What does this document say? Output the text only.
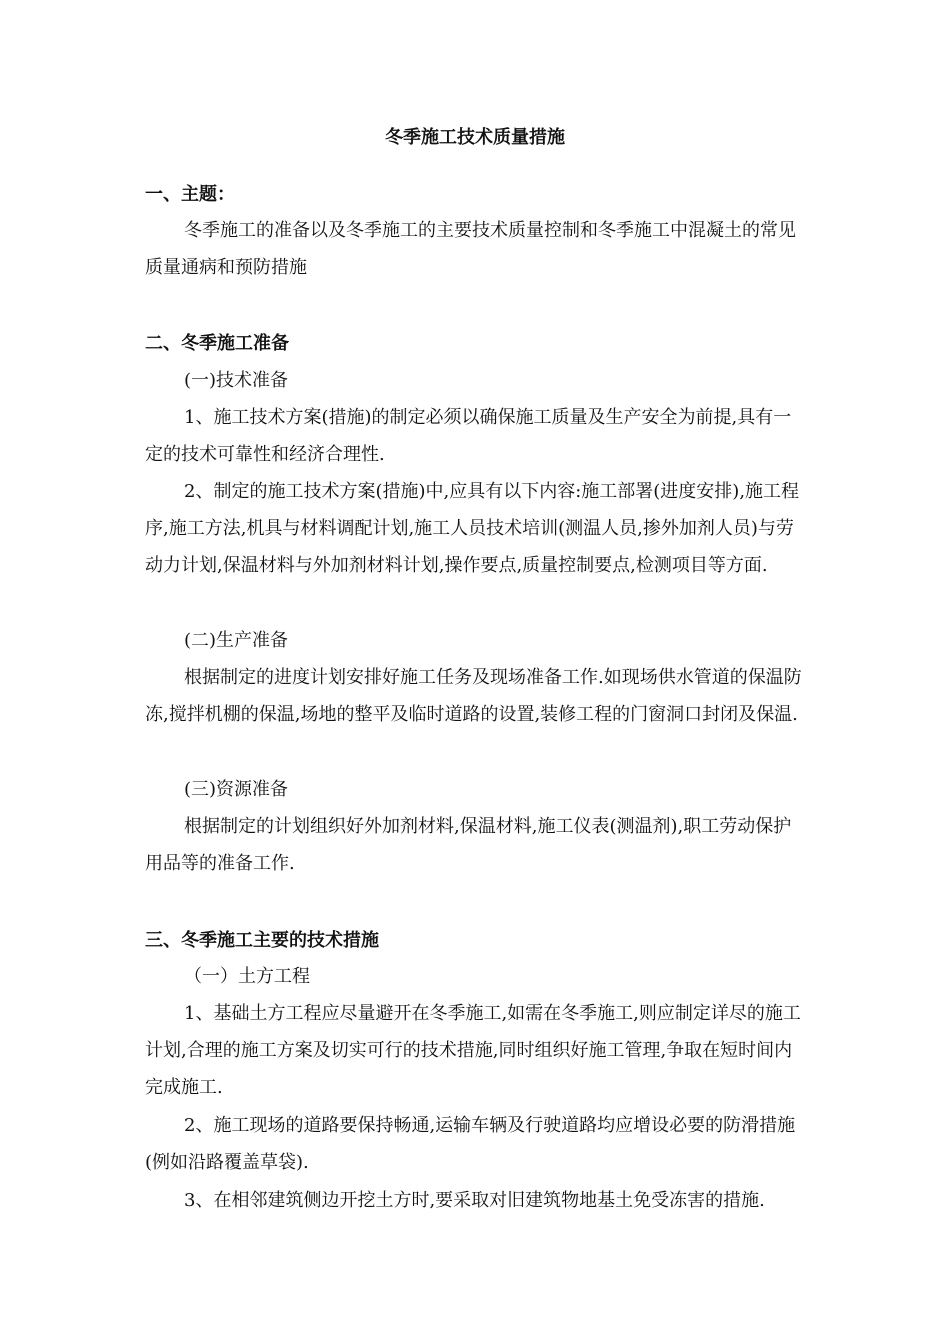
冬季施工技术质量措施
一、主题：

冬季施工的准备以及冬季施工的主要技术质量控制和冬季施工中混凝土的常见质量通病和预防措施

二、冬季施工准备
(一)技术准备

1、施工技术方案(措施)的制定必须以确保施工质量及生产安全为前提,具有一定的技术可靠性和经济合理性.

2、制定的施工技术方案(措施)中,应具有以下内容:施工部署(进度安排),施工程序,施工方法,机具与材料调配计划,施工人员技术培训(测温人员,掺外加剂人员)与劳动力计划,保温材料与外加剂材料计划,操作要点,质量控制要点,检测项目等方面.

(二)生产准备

根据制定的进度计划安排好施工任务及现场准备工作.如现场供水管道的保温防冻,搅拌机棚的保温,场地的整平及临时道路的设置,装修工程的门窗洞口封闭及保温.

(三)资源准备

根据制定的计划组织好外加剂材料,保温材料,施工仪表(测温剂),职工劳动保护用品等的准备工作.

三、冬季施工主要的技术措施
（一）土方工程

1、基础土方工程应尽量避开在冬季施工,如需在冬季施工,则应制定详尽的施工计划,合理的施工方案及切实可行的技术措施,同时组织好施工管理,争取在短时间内完成施工.

2、施工现场的道路要保持畅通,运输车辆及行驶道路均应增设必要的防滑措施(例如沿路覆盖草袋).

3、在相邻建筑侧边开挖土方时,要采取对旧建筑物地基土免受冻害的措施.
